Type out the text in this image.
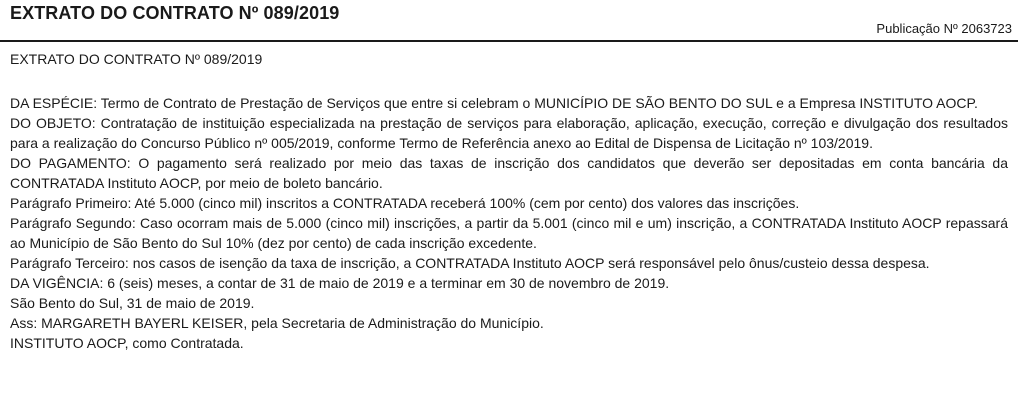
EXTRATO DO CONTRATO Nº 089/2019
Publicação Nº 2063723
EXTRATO DO CONTRATO Nº 089/2019

DA ESPÉCIE: Termo de Contrato de Prestação de Serviços que entre si celebram o MUNICÍPIO DE SÃO BENTO DO SUL e a Empresa INSTITUTO AOCP.

DO OBJETO: Contratação de instituição especializada na prestação de serviços para elaboração, aplicação, execução, correção e divulgação dos resultados para a realização do Concurso Público nº 005/2019, conforme Termo de Referência anexo ao Edital de Dispensa de Licitação nº 103/2019.

DO PAGAMENTO: O pagamento será realizado por meio das taxas de inscrição dos candidatos que deverão ser depositadas em conta bancária da CONTRATADA Instituto AOCP, por meio de boleto bancário.

Parágrafo Primeiro: Até 5.000 (cinco mil) inscritos a CONTRATADA receberá 100% (cem por cento) dos valores das inscrições.

Parágrafo Segundo: Caso ocorram mais de 5.000 (cinco mil) inscrições, a partir da 5.001 (cinco mil e um) inscrição, a CONTRATADA Instituto AOCP repassará ao Município de São Bento do Sul 10% (dez por cento) de cada inscrição excedente.

Parágrafo Terceiro: nos casos de isenção da taxa de inscrição, a CONTRATADA Instituto AOCP será responsável pelo ônus/custeio dessa despesa.

DA VIGÊNCIA: 6 (seis) meses, a contar de 31 de maio de 2019 e a terminar em 30 de novembro de 2019.

São Bento do Sul, 31 de maio de 2019.

Ass: MARGARETH BAYERL KEISER, pela Secretaria de Administração do Município.

INSTITUTO AOCP, como Contratada.
